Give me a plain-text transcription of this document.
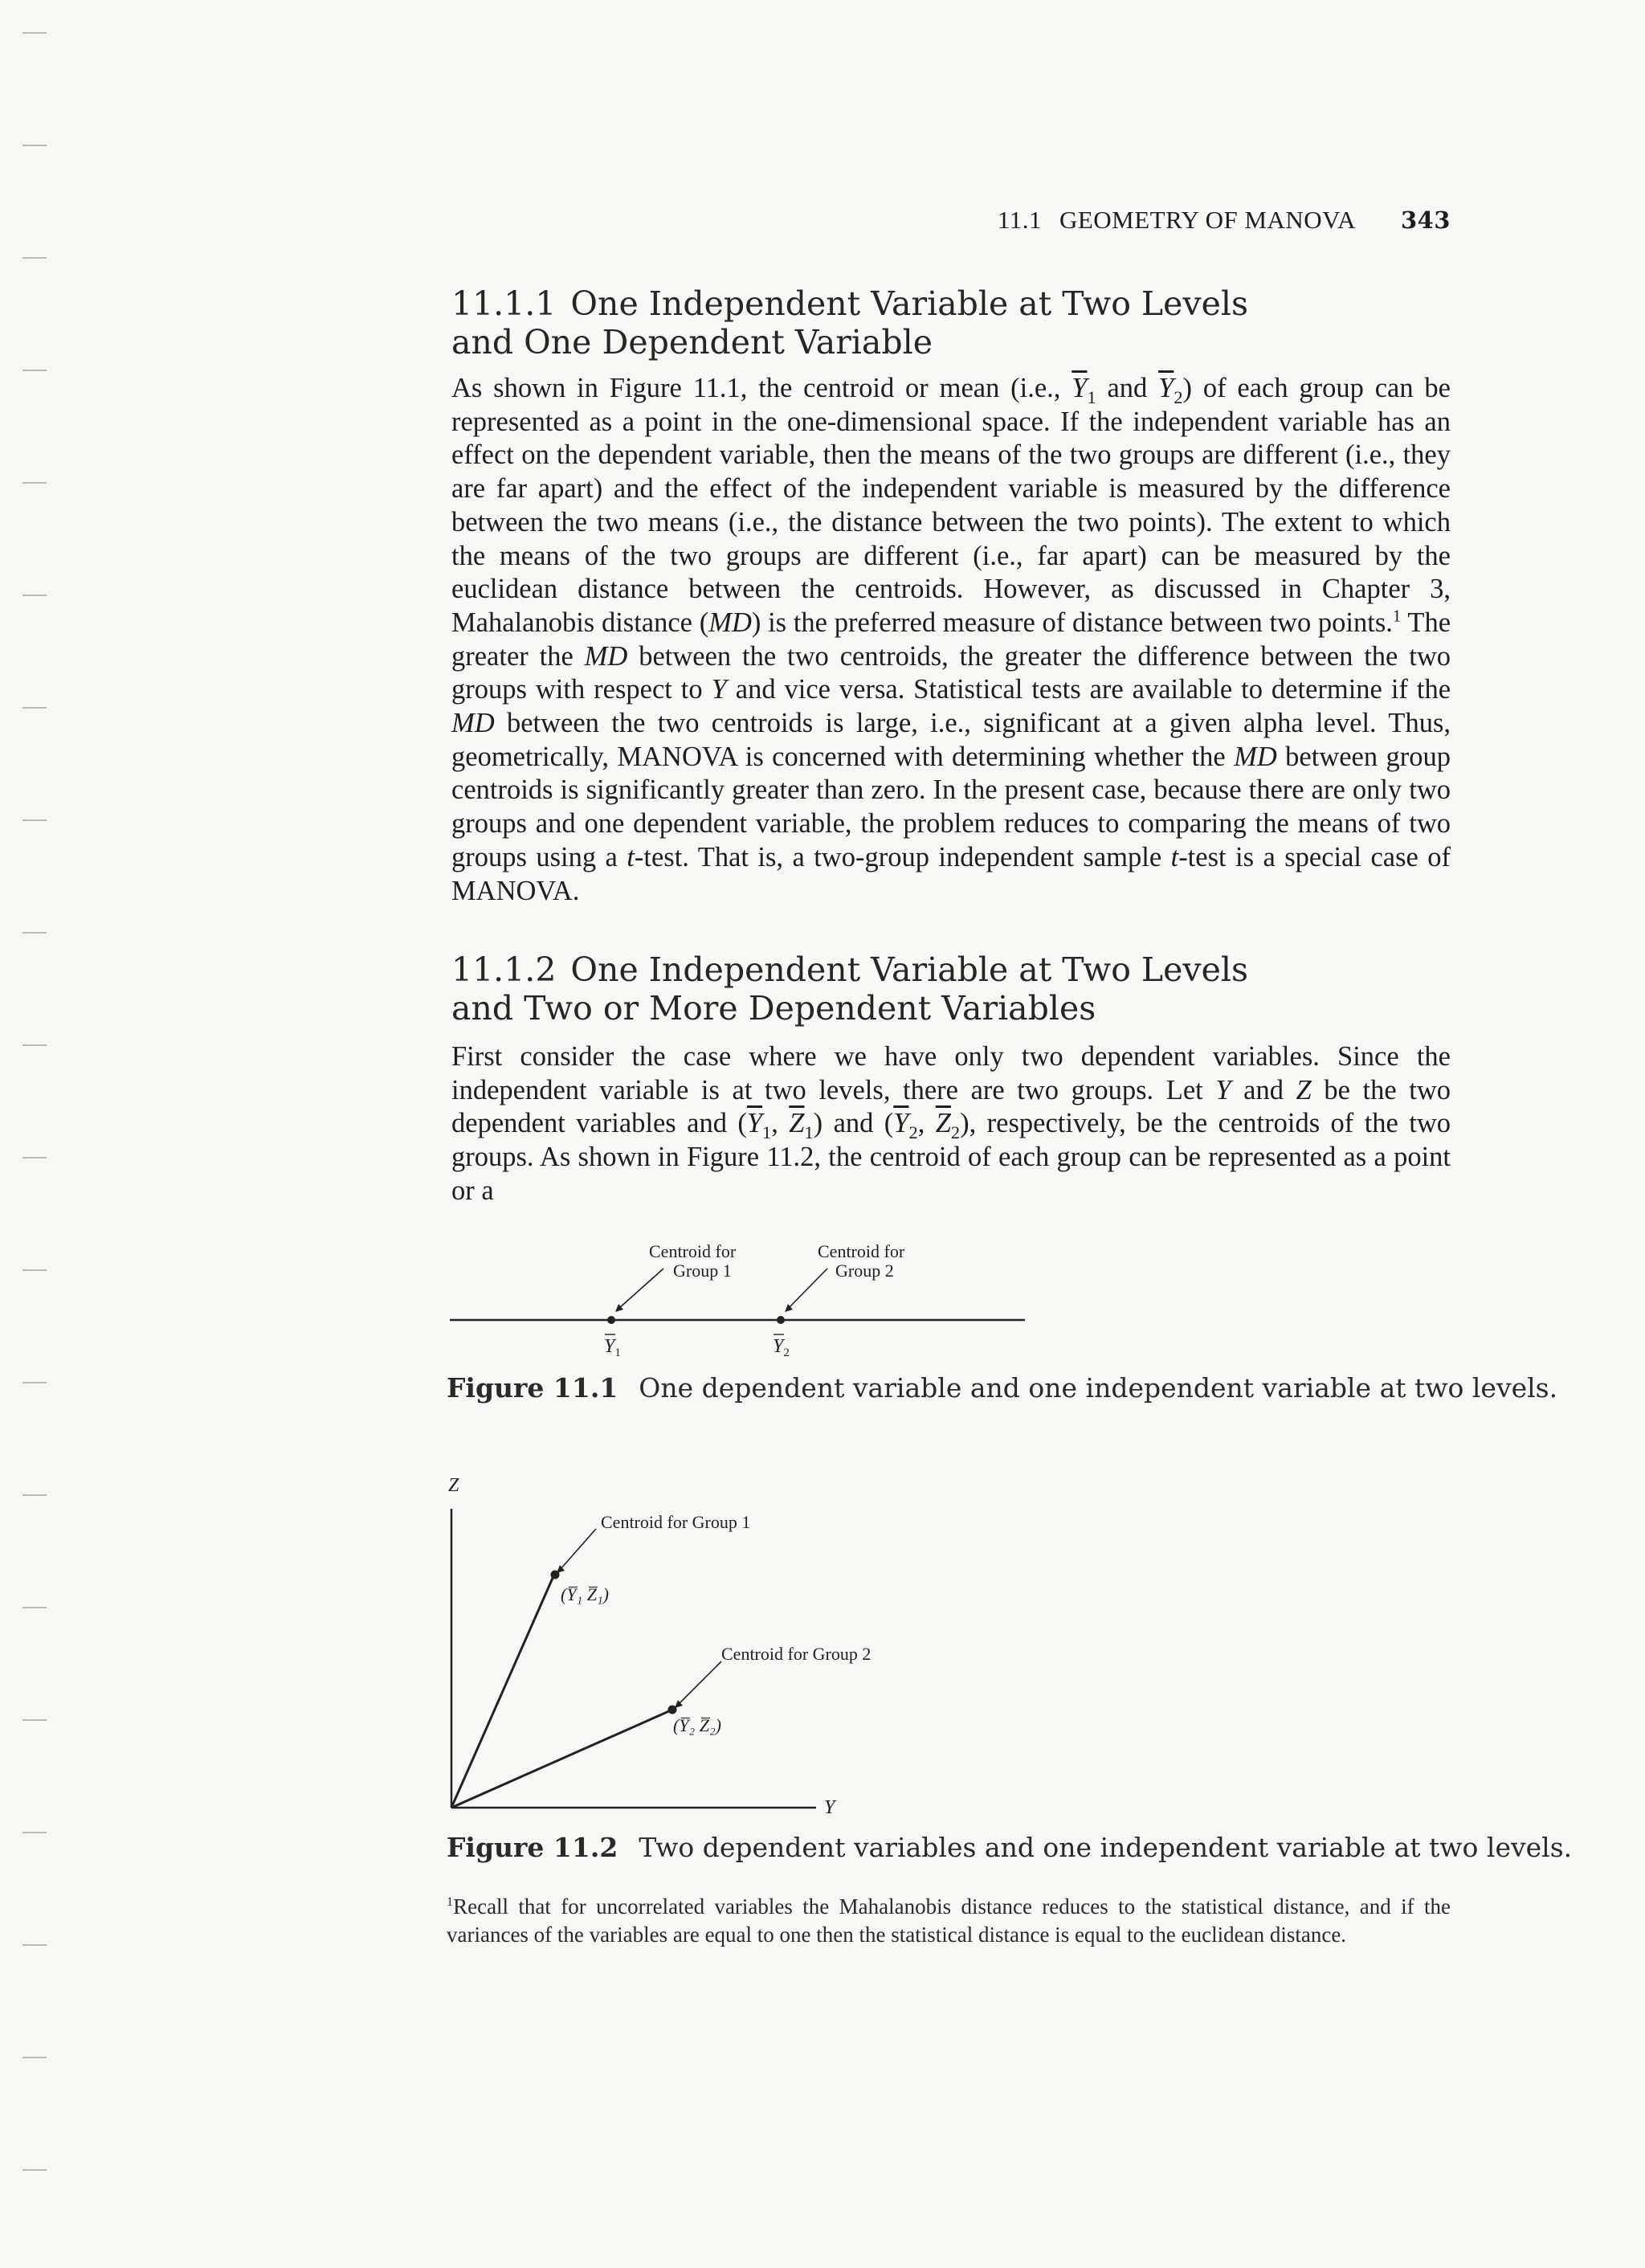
11.1 GEOMETRY OF MANOVA 343
11.1.1 One Independent Variable at Two Levels
and One Dependent Variable

As shown in Figure 11.1, the centroid or mean (i.e., $\overline{Y}_1$ and $\overline{Y}_2$) of each group can be represented as a point in the one-dimensional space. If the independent variable has an effect on the dependent variable, then the means of the two groups are different (i.e., they are far apart) and the effect of the independent variable is measured by the difference between the two means (i.e., the distance between the two points). The extent to which the means of the two groups are different (i.e., far apart) can be measured by the euclidean distance between the centroids. However, as discussed in Chapter 3, Mahalanobis distance (MD) is the preferred measure of distance between two points.$^1$ The greater the MD between the two centroids, the greater the difference between the two groups with respect to Y and vice versa. Statistical tests are available to determine if the MD between the two centroids is large, i.e., significant at a given alpha level. Thus, geometrically, MANOVA is concerned with determining whether the MD between group centroids is significantly greater than zero. In the present case, because there are only two groups and one dependent variable, the problem reduces to comparing the means of two groups using a t-test. That is, a two-group independent sample t-test is a special case of MANOVA.

11.1.2 One Independent Variable at Two Levels
and Two or More Dependent Variables

First consider the case where we have only two dependent variables. Since the independent variable is at two levels, there are two groups. Let Y and Z be the two dependent variables and ($\overline{Y}_1$, $\overline{Z}_1$) and ($\overline{Y}_2$, $\overline{Z}_2$), respectively, be the centroids of the two groups. As shown in Figure 11.2, the centroid of each group can be represented as a point or a

Centroid for
Group 1
Centroid for
Group 2
$Y_1$	$Y_2$
Figure 11.1 One dependent variable and one independent variable at two levels.
Z
Y
Centroid for Group 1
Centroid for Group 2
(Y̅₁ Z̅₁)
(Y̅₂ Z̅₂)
Figure 11.2 Two dependent variables and one independent variable at two levels.
$^1$Recall that for uncorrelated variables the Mahalanobis distance reduces to the statistical distance, and if the variances of the variables are equal to one then the statistical distance is equal to the euclidean distance.
